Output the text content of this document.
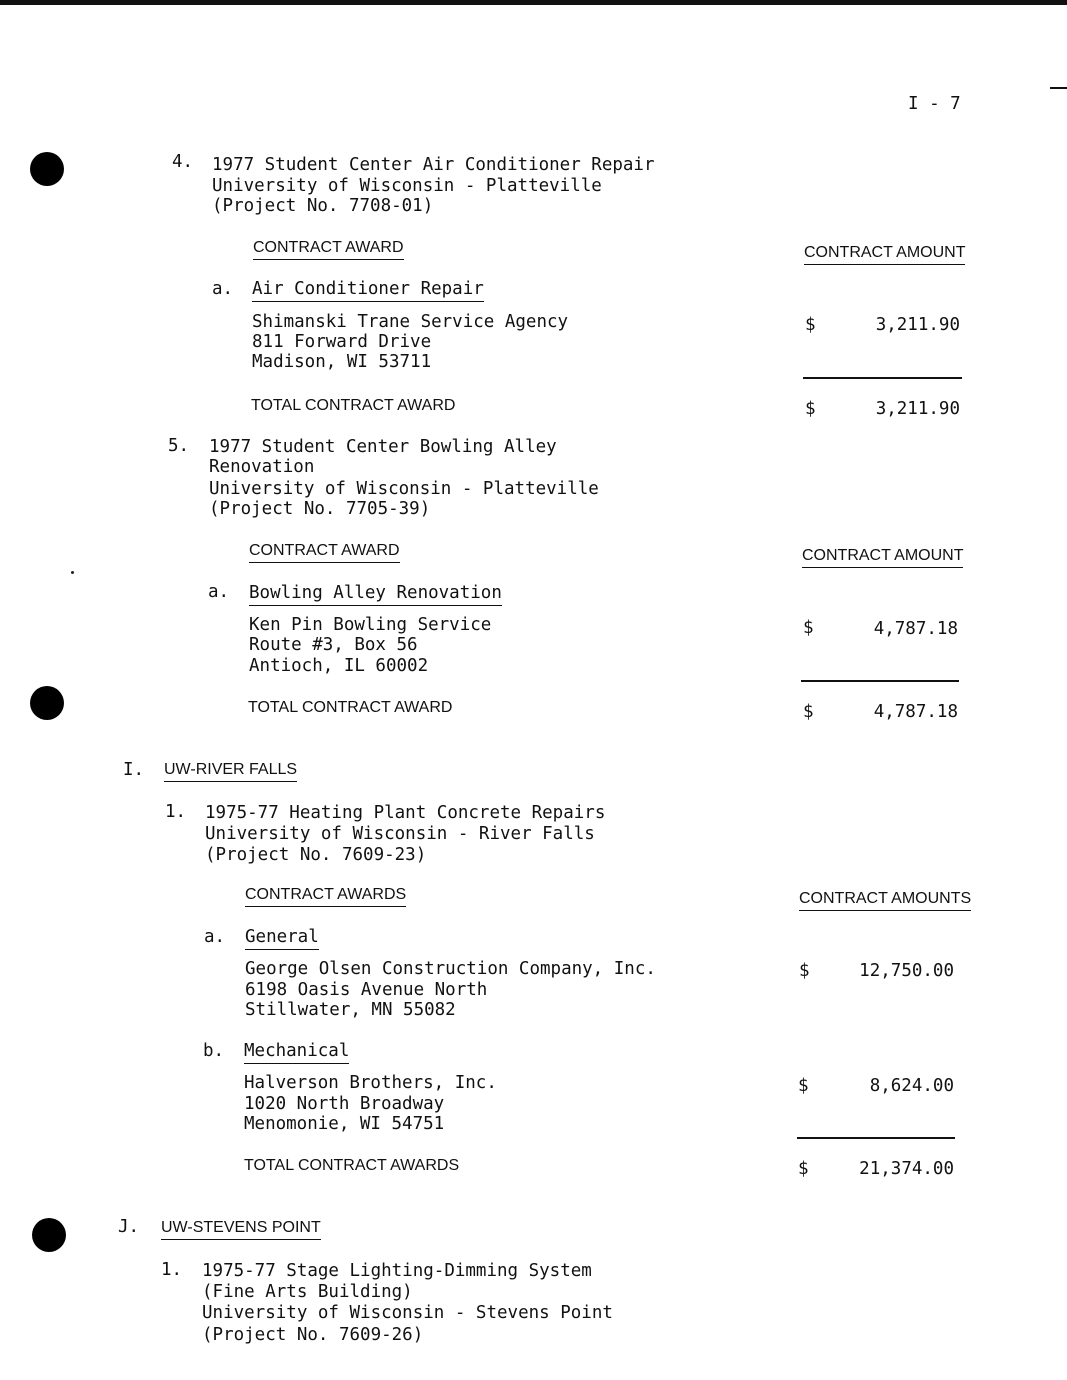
I - 7
4. 1977 Student Center Air Conditioner Repair
University of Wisconsin - Platteville
(Project No. 7708-01)
CONTRACT AWARD	CONTRACT AMOUNT
a. Air Conditioner Repair
Shimanski Trane Service Agency
811 Forward Drive
Madison, WI 53711
$	3,211.90
TOTAL CONTRACT AWARD	$	3,211.90
5. 1977 Student Center Bowling Alley
Renovation
University of Wisconsin - Platteville
(Project No. 7705-39)
CONTRACT AWARD	CONTRACT AMOUNT
a. Bowling Alley Renovation
Ken Pin Bowling Service
Route #3, Box 56
Antioch, IL 60002
$	4,787.18
TOTAL CONTRACT AWARD	$	4,787.18
I. UW-RIVER FALLS
1. 1975-77 Heating Plant Concrete Repairs
University of Wisconsin - River Falls
(Project No. 7609-23)
CONTRACT AWARDS	CONTRACT AMOUNTS
a. General
George Olsen Construction Company, Inc.
6198 Oasis Avenue North
Stillwater, MN 55082
$	12,750.00
b. Mechanical
Halverson Brothers, Inc.
1020 North Broadway
Menomonie, WI 54751
$	8,624.00
TOTAL CONTRACT AWARDS	$	21,374.00
J. UW-STEVENS POINT
1. 1975-77 Stage Lighting-Dimming System
(Fine Arts Building)
University of Wisconsin - Stevens Point
(Project No. 7609-26)
